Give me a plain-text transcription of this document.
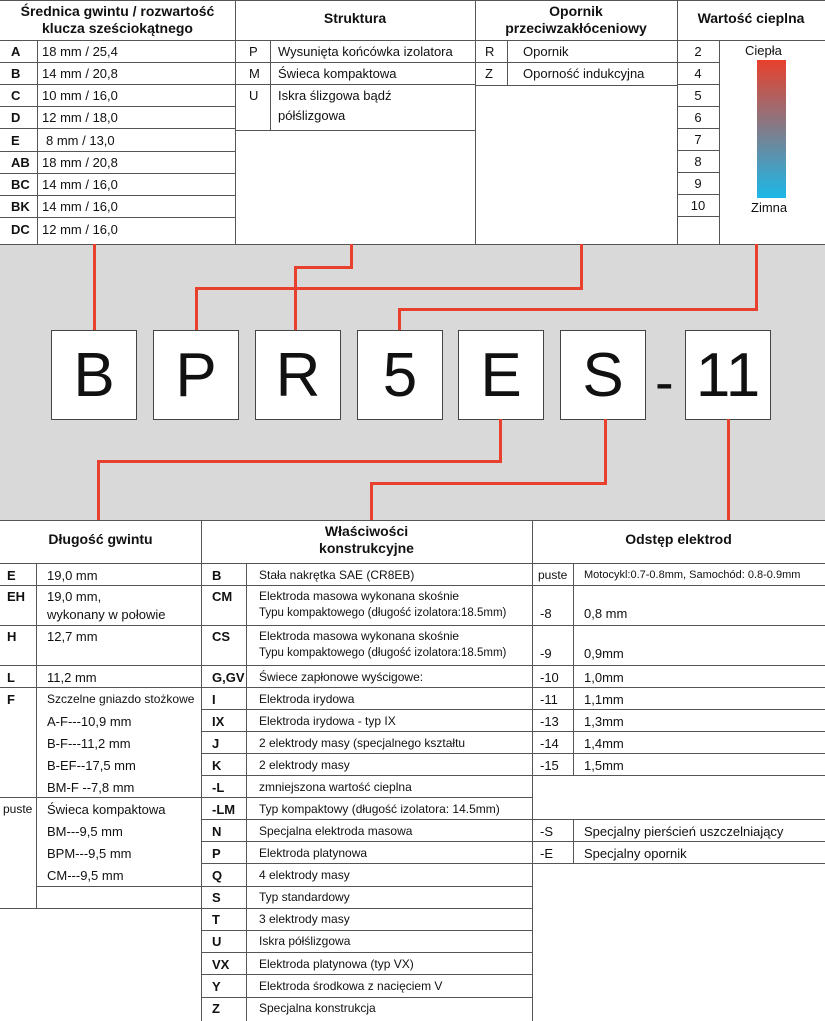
Średnica gwintu / rozwartość
klucza sześciokątnego
Struktura	Opornik
przeciwzakłóceniowy
Wartość cieplna
A 18 mm / 25,4
B 14 mm / 20,8
C 10 mm / 16,0
D 12 mm / 18,0
E 8 mm / 13,0
AB 18 mm / 20,8
BC 14 mm / 16,0
BK 14 mm / 16,0
DC 12 mm / 16,0
P Wysunięta końcówka izolatora
M Świeca kompaktowa
U Iskra ślizgowa bądź
półślizgowa
R Opornik
Z Oporność indukcyjna
2
4
5
6
7
8
9
10
Ciepła
Zimna
B P R	5	E S - 11
Długość gwintu	Właściwości
konstrukcyjne
Odstęp elektrod
E 19,0 mm
EH 19,0 mm,
wykonany w połowie
H 12,7 mm
L 11,2 mm
F	Szczelne gniazdo stożkowe
A-F---10,9 mm
B-F---11,2 mm
B-EF--17,5 mm
BM-F --7,8 mm
puste Świeca kompaktowa
BM---9,5 mm
BPM---9,5 mm
CM---9,5 mm
B	Stała nakrętka SAE (CR8EB)
CM Elektroda masowa wykonana skośnie
Typu kompaktowego (długość izolatora:18.5mm)
CS Elektroda masowa wykonana skośnie
Typu kompaktowego (długość izolatora:18.5mm)
G,GV Świece zapłonowe wyścigowe:
I	Elektroda irydowa
IX	Elektroda irydowa - typ IX
J	2 elektrody masy (specjalnego kształtu
K	2 elektrody masy
-L	zmniejszona wartość cieplna
-LM Typ kompaktowy (długość izolatora: 14.5mm)
N	Specjalna elektroda masowa
P	Elektroda platynowa
Q	4 elektrody masy
S	Typ standardowy
T	3 elektrody masy
U	Iskra półślizgowa
VX Elektroda platynowa (typ VX)
Y	Elektroda środkowa z nacięciem V
Z	Specjalna konstrukcja
puste Motocykl:0.7-0.8mm, Samochód: 0.8-0.9mm
-8 0,8 mm
-9 0,9mm
-10 1,0mm
-11 1,1mm
-13 1,3mm
-14 1,4mm
-15 1,5mm
-S Specjalny pierścień uszczelniający
-E Specjalny opornik
